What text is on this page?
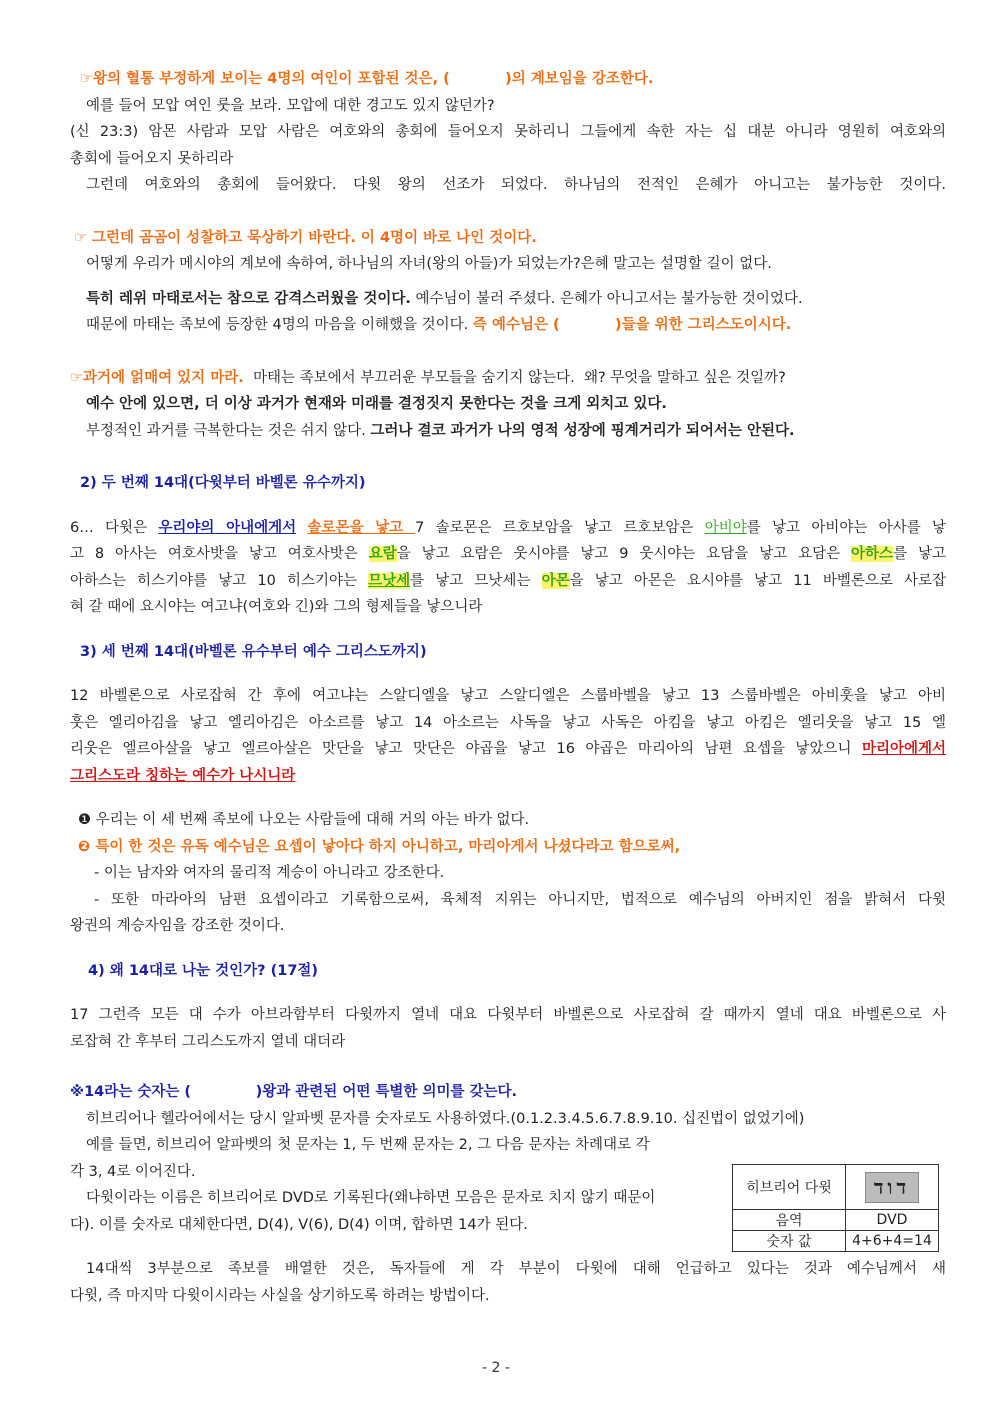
☞왕의 혈통 부정하게 보이는 4명의 여인이 포함된 것은, (	)의 계보임을 강조한다.

예를 들어 모압 여인 룻을 보라. 모압에 대한 경고도 있지 않던가?

(신 23:3) 암몬 사람과 모압 사람은 여호와의 총회에 들어오지 못하리니 그들에게 속한 자는 십 대분 아니라 영원히 여호와의

총회에 들어오지 못하리라

그런데 여호와의 총회에 들어왔다. 다윗 왕의 선조가 되었다. 하나님의 전적인 은혜가 아니고는 불가능한 것이다.

☞ 그런데 곰곰이 성찰하고 묵상하기 바란다. 이 4명이 바로 나인 것이다.

어떻게 우리가 메시야의 계보에 속하여, 하나님의 자녀(왕의 아들)가 되었는가?은혜 말고는 설명할 길이 없다.

특히 레위 마태로서는 참으로 감격스러웠을 것이다. 예수님이 불러 주셨다. 은혜가 아니고서는 불가능한 것이었다.

때문에 마태는 족보에 등장한 4명의 마음을 이해했을 것이다. 즉 예수님은 (	)들을 위한 그리스도이시다.

☞과거에 얽매여 있지 마라.  마태는 족보에서 부끄러운 부모들을 숨기지 않는다.  왜? 무엇을 말하고 싶은 것일까?

예수 안에 있으면, 더 이상 과거가 현재와 미래를 결정짓지 못한다는 것을 크게 외치고 있다.

부정적인 과거를 극복한다는 것은 쉬지 않다. 그러나 결코 과거가 나의 영적 성장에 핑계거리가 되어서는 안된다.

2) 두 번째 14대(다윗부터 바벨론 유수까지)

6… 다윗은 우리야의 아내에게서 솔로몬을 낳고 7 솔로몬은 르호보암을 낳고 르호보암은 아비야를 낳고 아비야는 아사를 낳

고 8 아사는 여호사밧을 낳고 여호사밧은 요람을 낳고 요람은 웃시야를 낳고 9 웃시야는 요담을 낳고 요담은 아하스를 낳고

아하스는 히스기야를 낳고 10 히스기야는 므낫세를 낳고 므낫세는 아몬을 낳고 아몬은 요시야를 낳고 11 바벨론으로 사로잡

혀 갈 때에 요시야는 여고냐(여호와 긴)와 그의 형제들을 낳으니라

3) 세 번째 14대(바벨론 유수부터 예수 그리스도까지)

12 바벨론으로 사로잡혀 간 후에 여고냐는 스알디엘을 낳고 스알디엘은 스룹바벨을 낳고 13 스룹바벨은 아비훗을 낳고 아비

훗은 엘리아김을 낳고 엘리아김은 아소르를 낳고 14 아소르는 사독을 낳고 사독은 아킴을 낳고 아킴은 엘리웃을 낳고 15 엘

리웃은 엘르아살을 낳고 엘르아살은 맛단을 낳고 맛단은 야곱을 낳고 16 야곱은 마리아의 남편 요셉을 낳았으니 마리아에게서

그리스도라 칭하는 예수가 나시니라

❶ 우리는 이 세 번째 족보에 나오는 사람들에 대해 거의 아는 바가 없다.

❷ 특이 한 것은 유독 예수님은 요셉이 낳아다 하지 아니하고, 마리아게서 나셨다라고 함으로써,

- 이는 남자와 여자의 물리적 계승이 아니라고 강조한다.

- 또한 마라아의 남편 요셉이라고 기록함으로써, 육체적 지위는 아니지만, 법적으로 예수님의 아버지인 점을 밝혀서 다윗

왕권의 계승자임을 강조한 것이다.

4) 왜 14대로 나눈 것인가? (17절)

17 그런즉 모든 대 수가 아브라함부터 다윗까지 열네 대요 다윗부터 바벨론으로 사로잡혀 갈 때까지 열네 대요 바벨론으로 사

로잡혀 간 후부터 그리스도까지 열네 대더라

※14라는 숫자는 (	)왕과 관련된 어떤 특별한 의미를 갖는다.

히브리어나 헬라어에서는 당시 알파벳 문자를 숫자로도 사용하였다.(0.1.2.3.4.5.6.7.8.9.10. 십진법이 없었기에)

예를 들면, 히브리어 알파벳의 첫 문자는 1, 두 번째 문자는 2, 그 다음 문자는 차례대로 각

각 3, 4로 이어진다.

다윗이라는 이름은 히브리어로 DVD로 기록된다(왜냐하면 모음은 문자로 치지 않기 때문이

다). 이를 숫자로 대체한다면, D(4), V(6), D(4) 이며, 합하면 14가 된다.

14대씩 3부분으로 족보를 배열한 것은, 독자들에 게 각 부분이 다윗에 대해 언급하고 있다는 것과 예수님께서 새

다윗, 즉 마지막 다윗이시라는 사실을 상기하도록 하려는 방법이다.

히브리어 다윗	דוד
음역	DVD
숫자 값	4+6+4=14
- 2 -
